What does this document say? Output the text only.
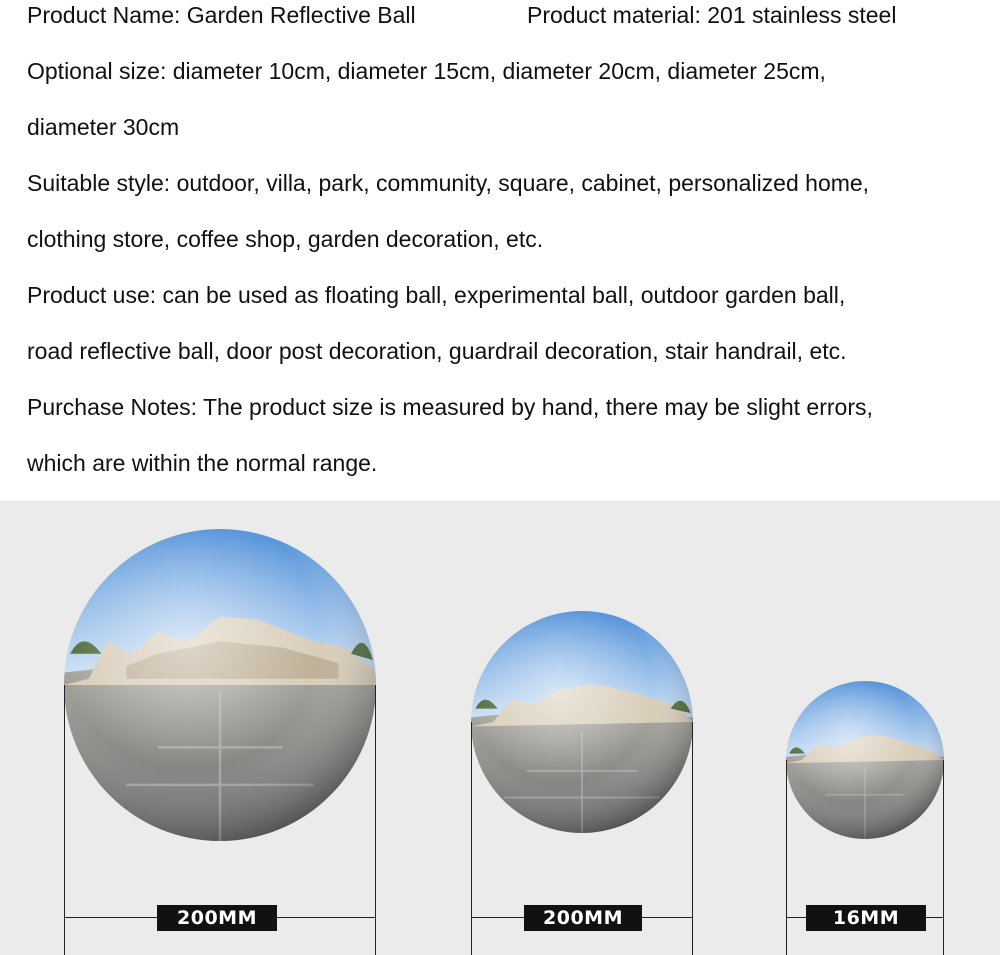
Product Name: Garden Reflective Ball	Product material: 201 stainless steel
Optional size: diameter 10cm, diameter 15cm, diameter 20cm, diameter 25cm,
diameter 30cm
Suitable style: outdoor, villa, park, community, square, cabinet, personalized home,
clothing store, coffee shop, garden decoration, etc.
Product use: can be used as floating ball, experimental ball, outdoor garden ball,
road reflective ball, door post decoration, guardrail decoration, stair handrail, etc.
Purchase Notes: The product size is measured by hand, there may be slight errors,
which are within the normal range.
200MM	200MM	16MM
